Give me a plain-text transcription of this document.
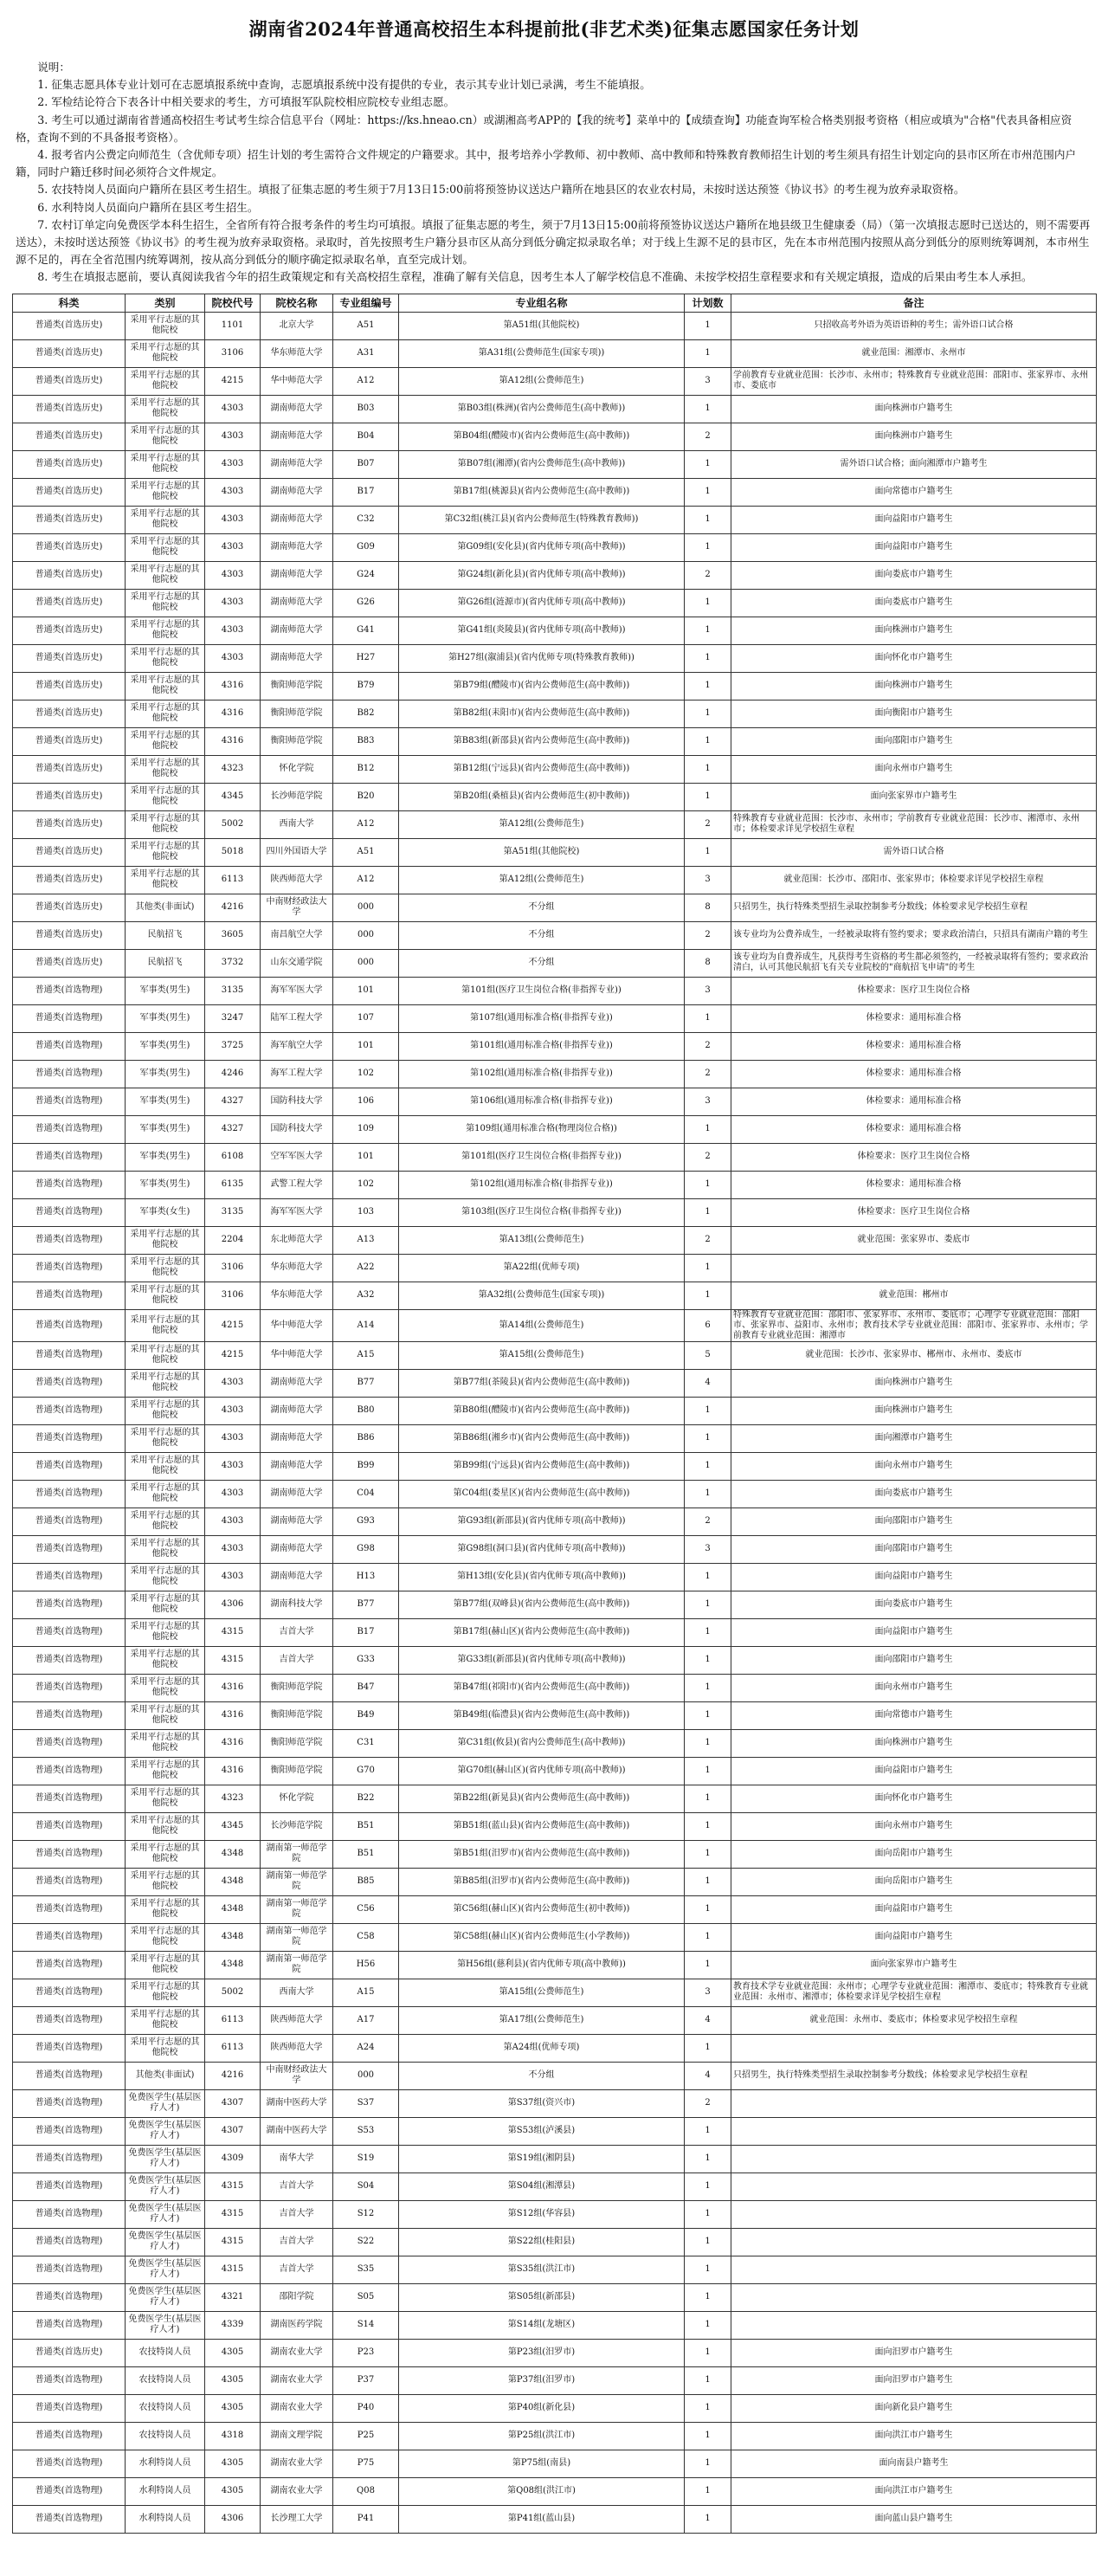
湖南省2024年普通高校招生本科提前批(非艺术类)征集志愿国家任务计划

说明：

1. 征集志愿具体专业计划可在志愿填报系统中查询，志愿填报系统中没有提供的专业，表示其专业计划已录满，考生不能填报。

2. 军检结论符合下表各计中相关要求的考生，方可填报军队院校相应院校专业组志愿。

3. 考生可以通过湖南省普通高校招生考试考生综合信息平台（网址：https://ks.hneao.cn）或湖湘高考APP的【我的统考】菜单中的【成绩查询】功能查询军检合格类别报考资格（相应或填为"合格"代表具备相应资格，查询不到的不具备报考资格）。

4. 报考省内公费定向师范生（含优师专项）招生计划的考生需符合文件规定的户籍要求。其中，报考培养小学教师、初中教师、高中教师和特殊教育教师招生计划的考生须具有招生计划定向的县市区所在市州范围内户籍，同时户籍迁移时间必须符合文件规定。

5. 农技特岗人员面向户籍所在县区考生招生。填报了征集志愿的考生须于7月13日15:00前将预签协议送达户籍所在地县区的农业农村局，未按时送达预签《协议书》的考生视为放弃录取资格。

6. 水利特岗人员面向户籍所在县区考生招生。

7. 农村订单定向免费医学本科生招生，全省所有符合报考条件的考生均可填报。填报了征集志愿的考生，须于7月13日15:00前将预签协议送达户籍所在地县级卫生健康委（局）（第一次填报志愿时已送达的，则不需要再送达），未按时送达预签《协议书》的考生视为放弃录取资格。录取时，首先按照考生户籍分县市区从高分到低分确定拟录取名单；对于线上生源不足的县市区，先在本市州范围内按照从高分到低分的原则统筹调剂，本市州生源不足的，再在全省范围内统筹调剂，按从高分到低分的顺序确定拟录取名单，直至完成计划。

8. 考生在填报志愿前，要认真阅读我省今年的招生政策规定和有关高校招生章程，准确了解有关信息，因考生本人了解学校信息不准确、未按学校招生章程要求和有关规定填报，造成的后果由考生本人承担。

科类	类别	院校代号	院校名称	专业组编号	专业组名称	计划数	备注
普通类(首选历史)	采用平行志愿的其他院校	1101	北京大学	A51	第A51组(其他院校)	1	只招收高考外语为英语语种的考生；需外语口试合格
普通类(首选历史)	采用平行志愿的其他院校	3106	华东师范大学	A31	第A31组(公费师范生(国家专项))	1	就业范围：湘潭市、永州市
普通类(首选历史)	采用平行志愿的其他院校	4215	华中师范大学	A12	第A12组(公费师范生)	3	学前教育专业就业范围：长沙市、永州市；特殊教育专业就业范围：邵阳市、张家界市、永州市、娄底市
普通类(首选历史)	采用平行志愿的其他院校	4303	湖南师范大学	B03	第B03组(株洲)(省内公费师范生(高中教师))	1	面向株洲市户籍考生
普通类(首选历史)	采用平行志愿的其他院校	4303	湖南师范大学	B04	第B04组(醴陵市)(省内公费师范生(高中教师))	2	面向株洲市户籍考生
普通类(首选历史)	采用平行志愿的其他院校	4303	湖南师范大学	B07	第B07组(湘潭)(省内公费师范生(高中教师))	1	需外语口试合格；面向湘潭市户籍考生
普通类(首选历史)	采用平行志愿的其他院校	4303	湖南师范大学	B17	第B17组(桃源县)(省内公费师范生(高中教师))	1	面向常德市户籍考生
普通类(首选历史)	采用平行志愿的其他院校	4303	湖南师范大学	C32	第C32组(桃江县)(省内公费师范生(特殊教育教师))	1	面向益阳市户籍考生
普通类(首选历史)	采用平行志愿的其他院校	4303	湖南师范大学	G09	第G09组(安化县)(省内优师专项(高中教师))	1	面向益阳市户籍考生
普通类(首选历史)	采用平行志愿的其他院校	4303	湖南师范大学	G24	第G24组(新化县)(省内优师专项(高中教师))	2	面向娄底市户籍考生
普通类(首选历史)	采用平行志愿的其他院校	4303	湖南师范大学	G26	第G26组(涟源市)(省内优师专项(高中教师))	1	面向娄底市户籍考生
普通类(首选历史)	采用平行志愿的其他院校	4303	湖南师范大学	G41	第G41组(炎陵县)(省内优师专项(高中教师))	1	面向株洲市户籍考生
普通类(首选历史)	采用平行志愿的其他院校	4303	湖南师范大学	H27	第H27组(溆浦县)(省内优师专项(特殊教育教师))	1	面向怀化市户籍考生
普通类(首选历史)	采用平行志愿的其他院校	4316	衡阳师范学院	B79	第B79组(醴陵市)(省内公费师范生(高中教师))	1	面向株洲市户籍考生
普通类(首选历史)	采用平行志愿的其他院校	4316	衡阳师范学院	B82	第B82组(耒阳市)(省内公费师范生(高中教师))	1	面向衡阳市户籍考生
普通类(首选历史)	采用平行志愿的其他院校	4316	衡阳师范学院	B83	第B83组(新邵县)(省内公费师范生(高中教师))	1	面向邵阳市户籍考生
普通类(首选历史)	采用平行志愿的其他院校	4323	怀化学院	B12	第B12组(宁远县)(省内公费师范生(高中教师))	1	面向永州市户籍考生
普通类(首选历史)	采用平行志愿的其他院校	4345	长沙师范学院	B20	第B20组(桑植县)(省内公费师范生(初中教师))	1	面向张家界市户籍考生
普通类(首选历史)	采用平行志愿的其他院校	5002	西南大学	A12	第A12组(公费师范生)	2	特殊教育专业就业范围：长沙市、永州市；学前教育专业就业范围：长沙市、湘潭市、永州市；体检要求详见学校招生章程
普通类(首选历史)	采用平行志愿的其他院校	5018	四川外国语大学	A51	第A51组(其他院校)	1	需外语口试合格
普通类(首选历史)	采用平行志愿的其他院校	6113	陕西师范大学	A12	第A12组(公费师范生)	3	就业范围：长沙市、邵阳市、张家界市；体检要求详见学校招生章程
普通类(首选历史)	其他类(非面试)	4216	中南财经政法大学	000	不分组	8	只招男生，执行特殊类型招生录取控制参考分数线；体检要求见学校招生章程
普通类(首选历史)	民航招飞	3605	南昌航空大学	000	不分组	2	该专业均为公费养成生，一经被录取将有签约要求；要求政治清白，只招具有湖南户籍的考生
普通类(首选历史)	民航招飞	3732	山东交通学院	000	不分组	8	该专业均为自费养成生，凡获得考生资格的考生都必须签约，一经被录取将有签约；要求政治清白，认可其他民航招飞有关专业院校的"商航招飞申请"的考生
普通类(首选物理)	军事类(男生)	3135	海军军医大学	101	第101组(医疗卫生岗位合格(非指挥专业))	3	体检要求：医疗卫生岗位合格
普通类(首选物理)	军事类(男生)	3247	陆军工程大学	107	第107组(通用标准合格(非指挥专业))	1	体检要求：通用标准合格
普通类(首选物理)	军事类(男生)	3725	海军航空大学	101	第101组(通用标准合格(非指挥专业))	2	体检要求：通用标准合格
普通类(首选物理)	军事类(男生)	4246	海军工程大学	102	第102组(通用标准合格(非指挥专业))	2	体检要求：通用标准合格
普通类(首选物理)	军事类(男生)	4327	国防科技大学	106	第106组(通用标准合格(非指挥专业))	3	体检要求：通用标准合格
普通类(首选物理)	军事类(男生)	4327	国防科技大学	109	第109组(通用标准合格(物理岗位合格))	1	体检要求：通用标准合格
普通类(首选物理)	军事类(男生)	6108	空军军医大学	101	第101组(医疗卫生岗位合格(非指挥专业))	2	体检要求：医疗卫生岗位合格
普通类(首选物理)	军事类(男生)	6135	武警工程大学	102	第102组(通用标准合格(非指挥专业))	1	体检要求：通用标准合格
普通类(首选物理)	军事类(女生)	3135	海军军医大学	103	第103组(医疗卫生岗位合格(非指挥专业))	1	体检要求：医疗卫生岗位合格
普通类(首选物理)	采用平行志愿的其他院校	2204	东北师范大学	A13	第A13组(公费师范生)	2	就业范围：张家界市、娄底市
普通类(首选物理)	采用平行志愿的其他院校	3106	华东师范大学	A22	第A22组(优师专项)	1	
普通类(首选物理)	采用平行志愿的其他院校	3106	华东师范大学	A32	第A32组(公费师范生(国家专项))	1	就业范围：郴州市
普通类(首选物理)	采用平行志愿的其他院校	4215	华中师范大学	A14	第A14组(公费师范生)	6	特殊教育专业就业范围：邵阳市、张家界市、永州市、娄底市；心理学专业就业范围：邵阳市、张家界市、益阳市、永州市；教育技术学专业就业范围：邵阳市、张家界市、永州市；学前教育专业就业范围：湘潭市
普通类(首选物理)	采用平行志愿的其他院校	4215	华中师范大学	A15	第A15组(公费师范生)	5	就业范围：长沙市、张家界市、郴州市、永州市、娄底市
普通类(首选物理)	采用平行志愿的其他院校	4303	湖南师范大学	B77	第B77组(茶陵县)(省内公费师范生(高中教师))	4	面向株洲市户籍考生
普通类(首选物理)	采用平行志愿的其他院校	4303	湖南师范大学	B80	第B80组(醴陵市)(省内公费师范生(高中教师))	1	面向株洲市户籍考生
普通类(首选物理)	采用平行志愿的其他院校	4303	湖南师范大学	B86	第B86组(湘乡市)(省内公费师范生(高中教师))	1	面向湘潭市户籍考生
普通类(首选物理)	采用平行志愿的其他院校	4303	湖南师范大学	B99	第B99组(宁远县)(省内公费师范生(高中教师))	1	面向永州市户籍考生
普通类(首选物理)	采用平行志愿的其他院校	4303	湖南师范大学	C04	第C04组(娄星区)(省内公费师范生(高中教师))	1	面向娄底市户籍考生
普通类(首选物理)	采用平行志愿的其他院校	4303	湖南师范大学	G93	第G93组(新邵县)(省内优师专项(高中教师))	2	面向邵阳市户籍考生
普通类(首选物理)	采用平行志愿的其他院校	4303	湖南师范大学	G98	第G98组(洞口县)(省内优师专项(高中教师))	3	面向邵阳市户籍考生
普通类(首选物理)	采用平行志愿的其他院校	4303	湖南师范大学	H13	第H13组(安化县)(省内优师专项(高中教师))	1	面向益阳市户籍考生
普通类(首选物理)	采用平行志愿的其他院校	4306	湖南科技大学	B77	第B77组(双峰县)(省内公费师范生(高中教师))	1	面向娄底市户籍考生
普通类(首选物理)	采用平行志愿的其他院校	4315	吉首大学	B17	第B17组(赫山区)(省内公费师范生(高中教师))	1	面向益阳市户籍考生
普通类(首选物理)	采用平行志愿的其他院校	4315	吉首大学	G33	第G33组(新邵县)(省内优师专项(高中教师))	1	面向邵阳市户籍考生
普通类(首选物理)	采用平行志愿的其他院校	4316	衡阳师范学院	B47	第B47组(祁阳市)(省内公费师范生(高中教师))	1	面向永州市户籍考生
普通类(首选物理)	采用平行志愿的其他院校	4316	衡阳师范学院	B49	第B49组(临澧县)(省内公费师范生(高中教师))	1	面向常德市户籍考生
普通类(首选物理)	采用平行志愿的其他院校	4316	衡阳师范学院	C31	第C31组(攸县)(省内公费师范生(高中教师))	1	面向株洲市户籍考生
普通类(首选物理)	采用平行志愿的其他院校	4316	衡阳师范学院	G70	第G70组(赫山区)(省内优师专项(高中教师))	1	面向益阳市户籍考生
普通类(首选物理)	采用平行志愿的其他院校	4323	怀化学院	B22	第B22组(新晃县)(省内公费师范生(高中教师))	1	面向怀化市户籍考生
普通类(首选物理)	采用平行志愿的其他院校	4345	长沙师范学院	B51	第B51组(蓝山县)(省内公费师范生(高中教师))	1	面向永州市户籍考生
普通类(首选物理)	采用平行志愿的其他院校	4348	湖南第一师范学院	B51	第B51组(汨罗市)(省内公费师范生(高中教师))	1	面向岳阳市户籍考生
普通类(首选物理)	采用平行志愿的其他院校	4348	湖南第一师范学院	B85	第B85组(汨罗市)(省内公费师范生(高中教师))	1	面向岳阳市户籍考生
普通类(首选物理)	采用平行志愿的其他院校	4348	湖南第一师范学院	C56	第C56组(赫山区)(省内公费师范生(初中教师))	1	面向益阳市户籍考生
普通类(首选物理)	采用平行志愿的其他院校	4348	湖南第一师范学院	C58	第C58组(赫山区)(省内公费师范生(小学教师))	1	面向益阳市户籍考生
普通类(首选物理)	采用平行志愿的其他院校	4348	湖南第一师范学院	H56	第H56组(慈利县)(省内优师专项(高中教师))	1	面向张家界市户籍考生
普通类(首选物理)	采用平行志愿的其他院校	5002	西南大学	A15	第A15组(公费师范生)	3	教育技术学专业就业范围：永州市；心理学专业就业范围：湘潭市、娄底市；特殊教育专业就业范围：永州市、湘潭市；体检要求详见学校招生章程
普通类(首选物理)	采用平行志愿的其他院校	6113	陕西师范大学	A17	第A17组(公费师范生)	4	就业范围：永州市、娄底市；体检要求见学校招生章程
普通类(首选物理)	采用平行志愿的其他院校	6113	陕西师范大学	A24	第A24组(优师专项)	1	
普通类(首选物理)	其他类(非面试)	4216	中南财经政法大学	000	不分组	4	只招男生，执行特殊类型招生录取控制参考分数线；体检要求见学校招生章程
普通类(首选物理)	免费医学生(基层医疗人才)	4307	湖南中医药大学	S37	第S37组(资兴市)	2	
普通类(首选物理)	免费医学生(基层医疗人才)	4307	湖南中医药大学	S53	第S53组(泸溪县)	1	
普通类(首选物理)	免费医学生(基层医疗人才)	4309	南华大学	S19	第S19组(湘阴县)	1	
普通类(首选物理)	免费医学生(基层医疗人才)	4315	吉首大学	S04	第S04组(湘潭县)	1	
普通类(首选物理)	免费医学生(基层医疗人才)	4315	吉首大学	S12	第S12组(华容县)	1	
普通类(首选物理)	免费医学生(基层医疗人才)	4315	吉首大学	S22	第S22组(桂阳县)	1	
普通类(首选物理)	免费医学生(基层医疗人才)	4315	吉首大学	S35	第S35组(洪江市)	1	
普通类(首选物理)	免费医学生(基层医疗人才)	4321	邵阳学院	S05	第S05组(新邵县)	1	
普通类(首选物理)	免费医学生(基层医疗人才)	4339	湖南医药学院	S14	第S14组(龙塘区)	1	
普通类(首选历史)	农技特岗人员	4305	湖南农业大学	P23	第P23组(汨罗市)	1	面向汨罗市户籍考生
普通类(首选物理)	农技特岗人员	4305	湖南农业大学	P37	第P37组(汨罗市)	1	面向汨罗市户籍考生
普通类(首选物理)	农技特岗人员	4305	湖南农业大学	P40	第P40组(新化县)	1	面向新化县户籍考生
普通类(首选物理)	农技特岗人员	4318	湖南文理学院	P25	第P25组(洪江市)	1	面向洪江市户籍考生
普通类(首选物理)	水利特岗人员	4305	湖南农业大学	P75	第P75组(南县)	1	面向南县户籍考生
普通类(首选物理)	水利特岗人员	4305	湖南农业大学	Q08	第Q08组(洪江市)	1	面向洪江市户籍考生
普通类(首选物理)	水利特岗人员	4306	长沙理工大学	P41	第P41组(蓝山县)	1	面向蓝山县户籍考生
